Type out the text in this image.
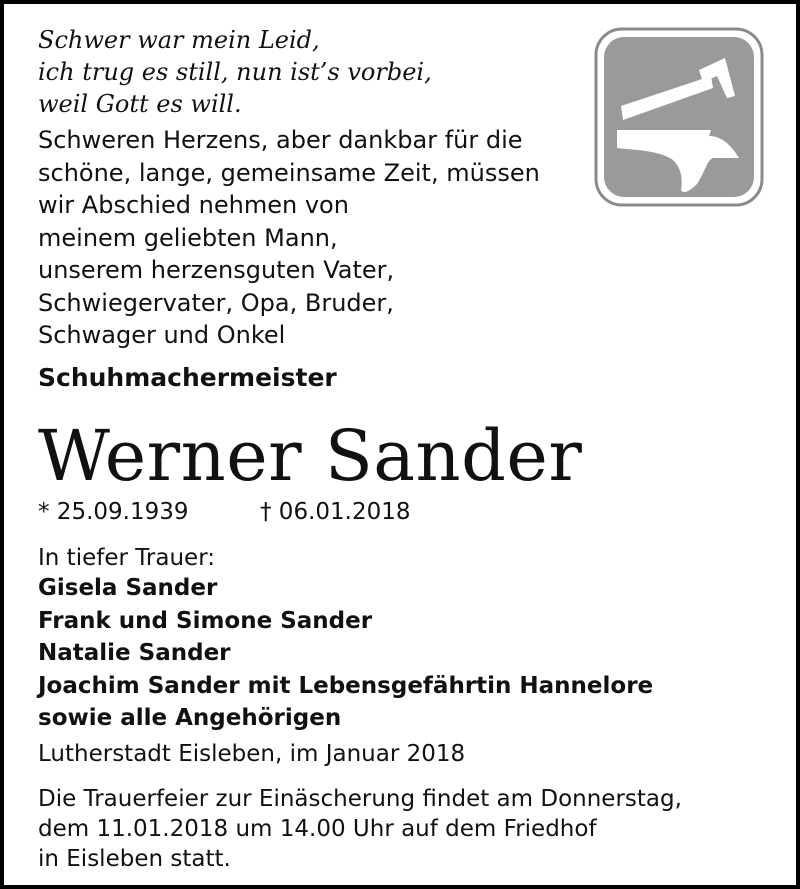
Schwer war mein Leid,
ich trug es still, nun ist’s vorbei,
weil Gott es will.
Schweren Herzens, aber dankbar für die
schöne, lange, gemeinsame Zeit, müssen
wir Abschied nehmen von
meinem geliebten Mann,
unserem herzensguten Vater,
Schwiegervater, Opa, Bruder,
Schwager und Onkel
Schuhmachermeister
Werner Sander
* 25.09.1939	† 06.01.2018
In tiefer Trauer:
Gisela Sander
Frank und Simone Sander
Natalie Sander
Joachim Sander mit Lebensgefährtin Hannelore
sowie alle Angehörigen
Lutherstadt Eisleben, im Januar 2018
Die Trauerfeier zur Einäscherung findet am Donnerstag,
dem 11.01.2018 um 14.00 Uhr auf dem Friedhof
in Eisleben statt.
